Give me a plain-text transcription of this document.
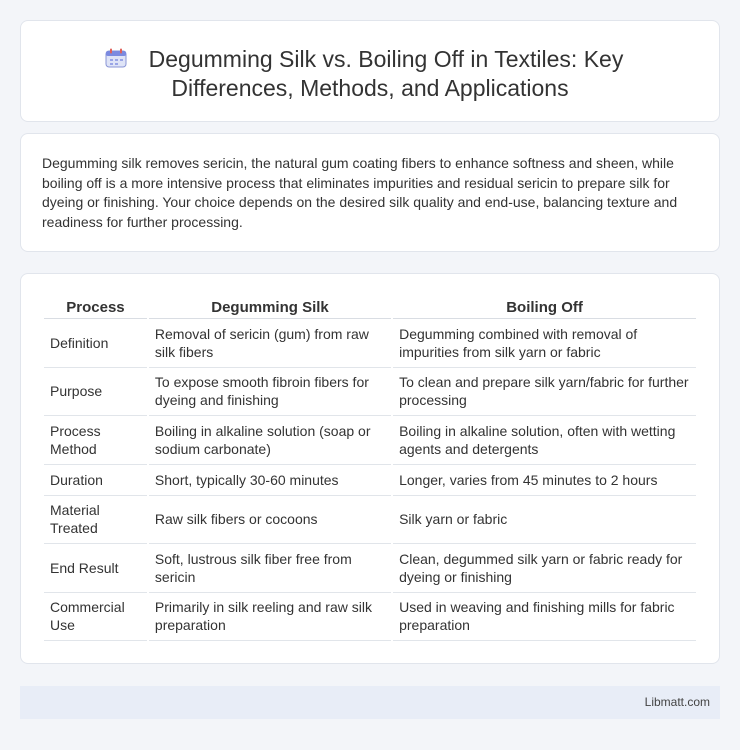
Degumming Silk vs. Boiling Off in Textiles: Key
Differences, Methods, and Applications

Degumming silk removes sericin, the natural gum coating fibers to enhance softness and sheen, while boiling off is a more intensive process that eliminates impurities and residual sericin to prepare silk for dyeing or finishing. Your choice depends on the desired silk quality and end-use, balancing texture and readiness for further processing.

Process	Degumming Silk	Boiling Off
Definition	Removal of sericin (gum) from raw silk fibers	Degumming combined with removal of impurities from silk yarn or fabric
Purpose	To expose smooth fibroin fibers for dyeing and finishing	To clean and prepare silk yarn/fabric for further processing
Process Method	Boiling in alkaline solution (soap or sodium carbonate)	Boiling in alkaline solution, often with wetting agents and detergents
Duration	Short, typically 30-60 minutes	Longer, varies from 45 minutes to 2 hours
Material Treated	Raw silk fibers or cocoons	Silk yarn or fabric
End Result	Soft, lustrous silk fiber free from sericin	Clean, degummed silk yarn or fabric ready for dyeing or finishing
Commercial Use	Primarily in silk reeling and raw silk preparation	Used in weaving and finishing mills for fabric preparation
Libmatt.com
